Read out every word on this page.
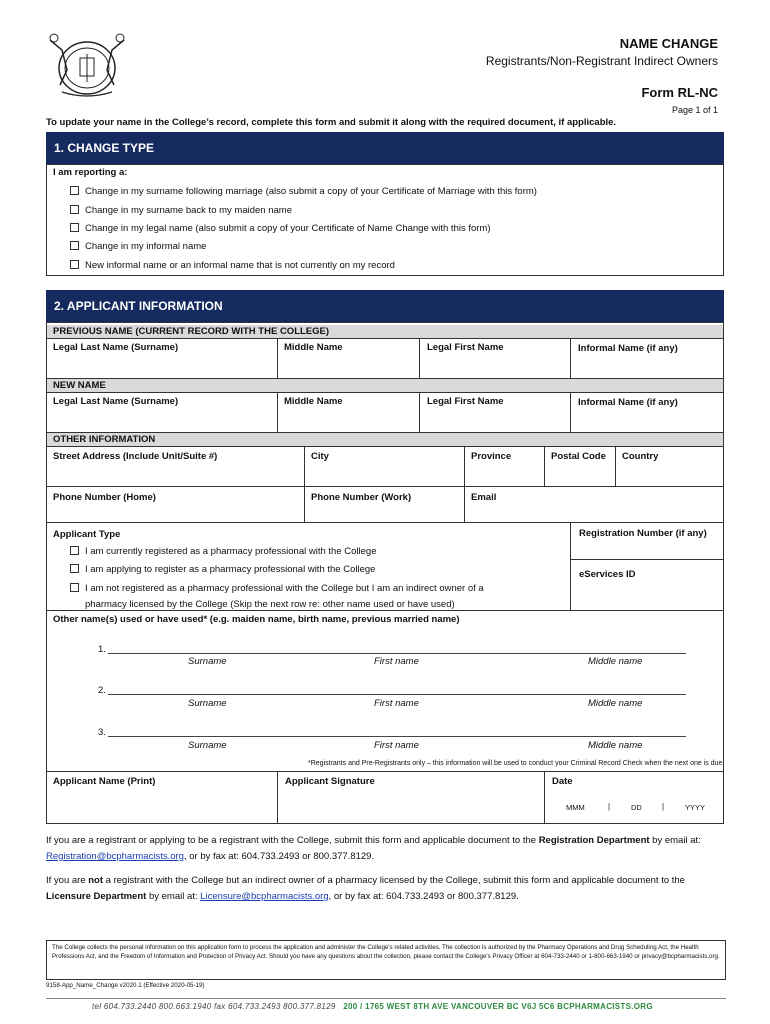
NAME CHANGE
Registrants/Non-Registrant Indirect Owners
Form RL-NC
Page 1 of 1
To update your name in the College’s record, complete this form and submit it along with the required document, if applicable.
1. CHANGE TYPE
I am reporting a:
Change in my surname following marriage (also submit a copy of your Certificate of Marriage with this form)
Change in my surname back to my maiden name
Change in my legal name (also submit a copy of your Certificate of Name Change with this form)
Change in my informal name
New informal name or an informal name that is not currently on my record
2. APPLICANT INFORMATION
PREVIOUS NAME (CURRENT RECORD WITH THE COLLEGE)
Legal Last Name (Surname)	Middle Name	Legal First Name	Informal Name (if any)
NEW NAME
Legal Last Name (Surname)	Middle Name	Legal First Name	Informal Name (if any)
OTHER INFORMATION
Street Address (Include Unit/Suite #)	City	Province	Postal Code Country
Phone Number (Home)	Phone Number (Work)	Email
Applicant Type	Registration Number (if any)
eServices ID
I am currently registered as a pharmacy professional with the College
I am applying to register as a pharmacy professional with the College
I am not registered as a pharmacy professional with the College but I am an indirect owner of a
pharmacy licensed by the College (Skip the next row re: other name used or have used)
Other name(s) used or have used* (e.g. maiden name, birth name, previous married name)
1.
Surname	First name	Middle name
2.
Surname	First name	Middle name
3.
Surname	First name	Middle name
*Registrants and Pre-Registrants only – this information will be used to conduct your Criminal Record Check when the next one is due.
Applicant Name (Print)	Applicant Signature	Date
MMM	|	DD	|	YYYY
If you are a registrant or applying to be a registrant with the College, submit this form and applicable document to the Registration Department by email at: Registration@bcpharmacists.org, or by fax at: 604.733.2493 or 800.377.8129.
If you are not a registrant with the College but an indirect owner of a pharmacy licensed by the College, submit this form and applicable document to the Licensure Department by email at: Licensure@bcpharmacists.org, or by fax at: 604.733.2493 or 800.377.8129.
The College collects the personal information on this application form to process the application and administer the College's related activities. The collection is authorized by the Pharmacy Operations and Drug Scheduling Act, the Health Professions Act, and the Freedom of Information and Protection of Privacy Act. Should you have any questions about the collection, please contact the College's Privacy Officer at 604-733-2440 or 1-800-663-1940 or privacy@bcpharmacists.org.
9158-App_Name_Change v2020.1 (Effective 2020-05-19)
tel 604.733.2440 800.663.1940 fax 604.733.2493 800.377.8129 200 / 1765 WEST 8TH AVE VANCOUVER BC V6J 5C6 BCPHARMACISTS.ORG
